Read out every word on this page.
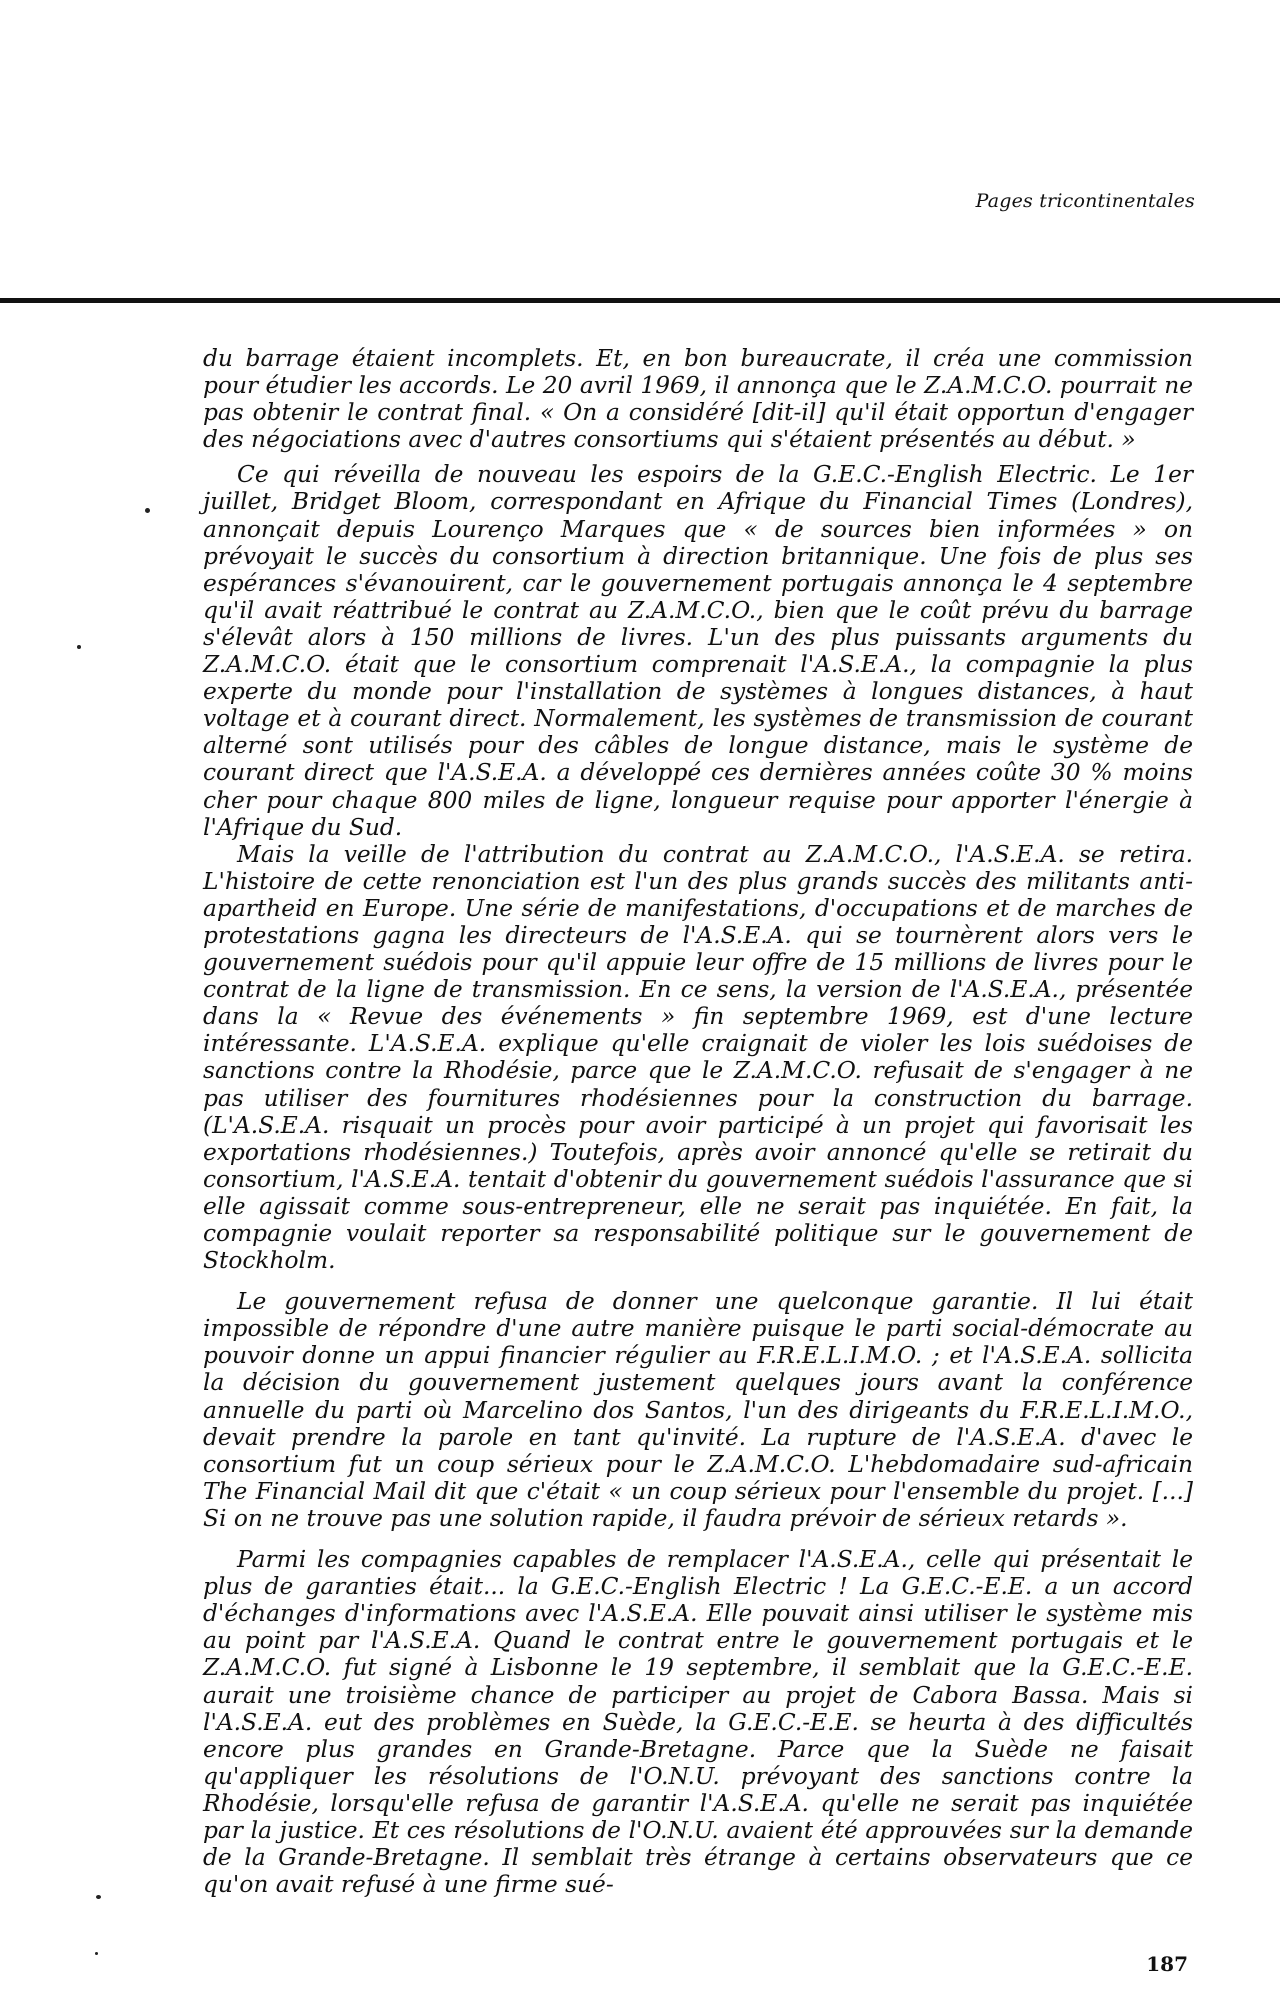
Pages tricontinentales

du barrage étaient incomplets. Et, en bon bureaucrate, il créa une commission pour étudier les accords. Le 20 avril 1969, il annonça que le Z.A.M.C.O. pourrait ne pas obtenir le contrat final. « On a considéré [dit-il] qu'il était opportun d'engager des négociations avec d'autres consortiums qui s'étaient présentés au début. »

Ce qui réveilla de nouveau les espoirs de la G.E.C.-English Electric. Le 1er juillet, Bridget Bloom, correspondant en Afrique du Financial Times (Londres), annonçait depuis Lourenço Marques que « de sources bien informées » on prévoyait le succès du consortium à direction britannique. Une fois de plus ses espérances s'évanouirent, car le gouvernement portugais annonça le 4 septembre qu'il avait réattribué le contrat au Z.A.M.C.O., bien que le coût prévu du barrage s'élevât alors à 150 millions de livres. L'un des plus puissants arguments du Z.A.M.C.O. était que le consortium comprenait l'A.S.E.A., la compagnie la plus experte du monde pour l'installation de systèmes à longues distances, à haut voltage et à courant direct. Normalement, les systèmes de transmission de courant alterné sont utilisés pour des câbles de longue distance, mais le système de courant direct que l'A.S.E.A. a développé ces dernières années coûte 30 % moins cher pour chaque 800 miles de ligne, longueur requise pour apporter l'énergie à l'Afrique du Sud.

Mais la veille de l'attribution du contrat au Z.A.M.C.O., l'A.S.E.A. se retira. L'histoire de cette renonciation est l'un des plus grands succès des militants anti-apartheid en Europe. Une série de manifestations, d'occupations et de marches de protestations gagna les directeurs de l'A.S.E.A. qui se tournèrent alors vers le gouvernement suédois pour qu'il appuie leur offre de 15 millions de livres pour le contrat de la ligne de transmission. En ce sens, la version de l'A.S.E.A., présentée dans la « Revue des événements » fin septembre 1969, est d'une lecture intéressante. L'A.S.E.A. explique qu'elle craignait de violer les lois suédoises de sanctions contre la Rhodésie, parce que le Z.A.M.C.O. refusait de s'engager à ne pas utiliser des fournitures rhodésiennes pour la construction du barrage. (L'A.S.E.A. risquait un procès pour avoir participé à un projet qui favorisait les exportations rhodésiennes.) Toutefois, après avoir annoncé qu'elle se retirait du consortium, l'A.S.E.A. tentait d'obtenir du gouvernement suédois l'assurance que si elle agissait comme sous-entrepreneur, elle ne serait pas inquiétée. En fait, la compagnie voulait reporter sa responsabilité politique sur le gouvernement de Stockholm.

Le gouvernement refusa de donner une quelconque garantie. Il lui était impossible de répondre d'une autre manière puisque le parti social-démocrate au pouvoir donne un appui financier régulier au F.R.E.L.I.M.O. ; et l'A.S.E.A. sollicita la décision du gouvernement justement quelques jours avant la conférence annuelle du parti où Marcelino dos Santos, l'un des dirigeants du F.R.E.L.I.M.O., devait prendre la parole en tant qu'invité. La rupture de l'A.S.E.A. d'avec le consortium fut un coup sérieux pour le Z.A.M.C.O. L'hebdomadaire sud-africain The Financial Mail dit que c'était « un coup sérieux pour l'ensemble du projet. [...] Si on ne trouve pas une solution rapide, il faudra prévoir de sérieux retards ».

Parmi les compagnies capables de remplacer l'A.S.E.A., celle qui présentait le plus de garanties était... la G.E.C.-English Electric ! La G.E.C.-E.E. a un accord d'échanges d'informations avec l'A.S.E.A. Elle pouvait ainsi utiliser le système mis au point par l'A.S.E.A. Quand le contrat entre le gouvernement portugais et le Z.A.M.C.O. fut signé à Lisbonne le 19 septembre, il semblait que la G.E.C.-E.E. aurait une troisième chance de participer au projet de Cabora Bassa. Mais si l'A.S.E.A. eut des problèmes en Suède, la G.E.C.-E.E. se heurta à des difficultés encore plus grandes en Grande-Bretagne. Parce que la Suède ne faisait qu'appliquer les résolutions de l'O.N.U. prévoyant des sanctions contre la Rhodésie, lorsqu'elle refusa de garantir l'A.S.E.A. qu'elle ne serait pas inquiétée par la justice. Et ces résolutions de l'O.N.U. avaient été approuvées sur la demande de la Grande-Bretagne. Il semblait très étrange à certains observateurs que ce qu'on avait refusé à une firme sué-

187
